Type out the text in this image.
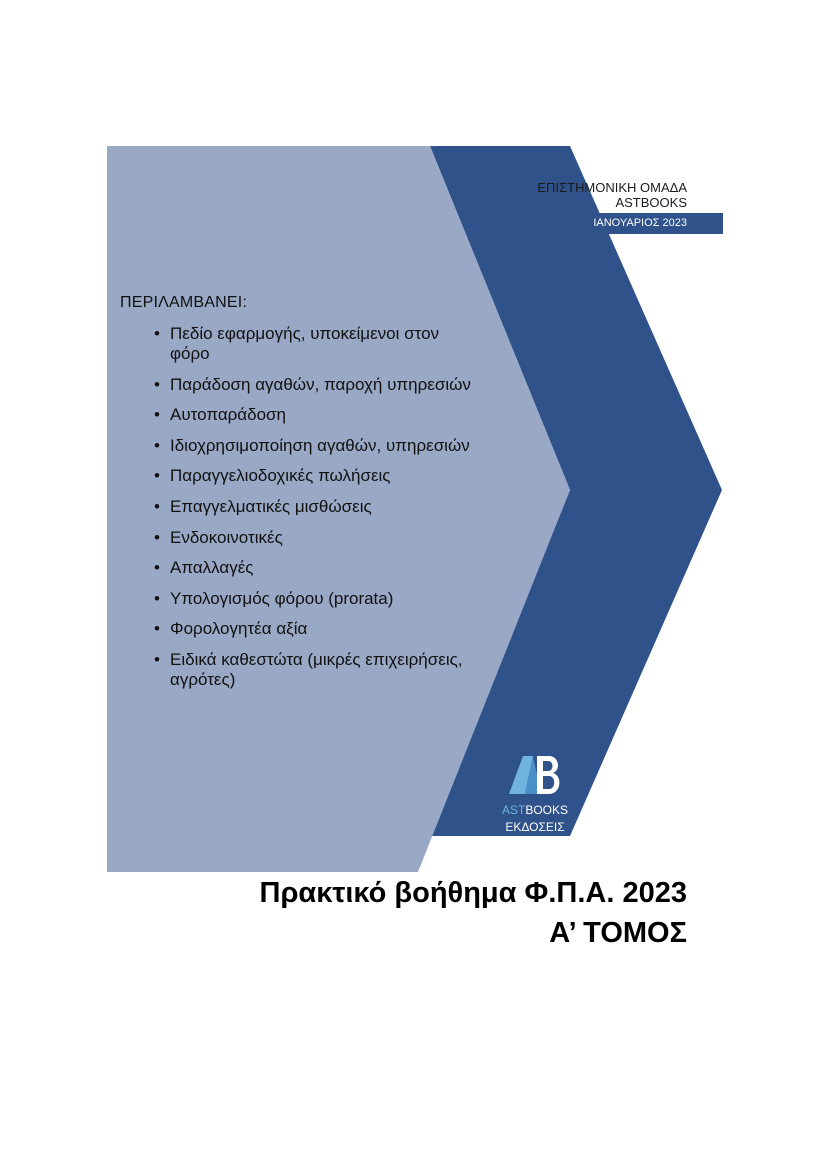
ΕΠΙΣΤΗΜΟΝΙΚΗ ΟΜΑΔΑ
ASTBOOKS
ΙΑΝΟΥΑΡΙΟΣ 2023
ΠΕΡΙΛΑΜΒΑΝΕΙ:
• Πεδίο εφαρμογής, υποκείμενοι στον φόρο
• Παράδοση αγαθών, παροχή υπηρεσιών
• Αυτοπαράδοση
• Ιδιοχρησιμοποίηση αγαθών, υπηρεσιών
• Παραγγελιοδοχικές πωλήσεις
• Επαγγελματικές μισθώσεις
• Ενδοκοινοτικές
• Απαλλαγές
• Υπολογισμός φόρου (prorata)
• Φορολογητέα αξία
• Ειδικά καθεστώτα (μικρές επιχειρήσεις, αγρότες)
ASTBOOKS
ΕΚΔΟΣΕΙΣ
Πρακτικό βοήθημα Φ.Π.Α. 2023
Α’ ΤΟΜΟΣ
